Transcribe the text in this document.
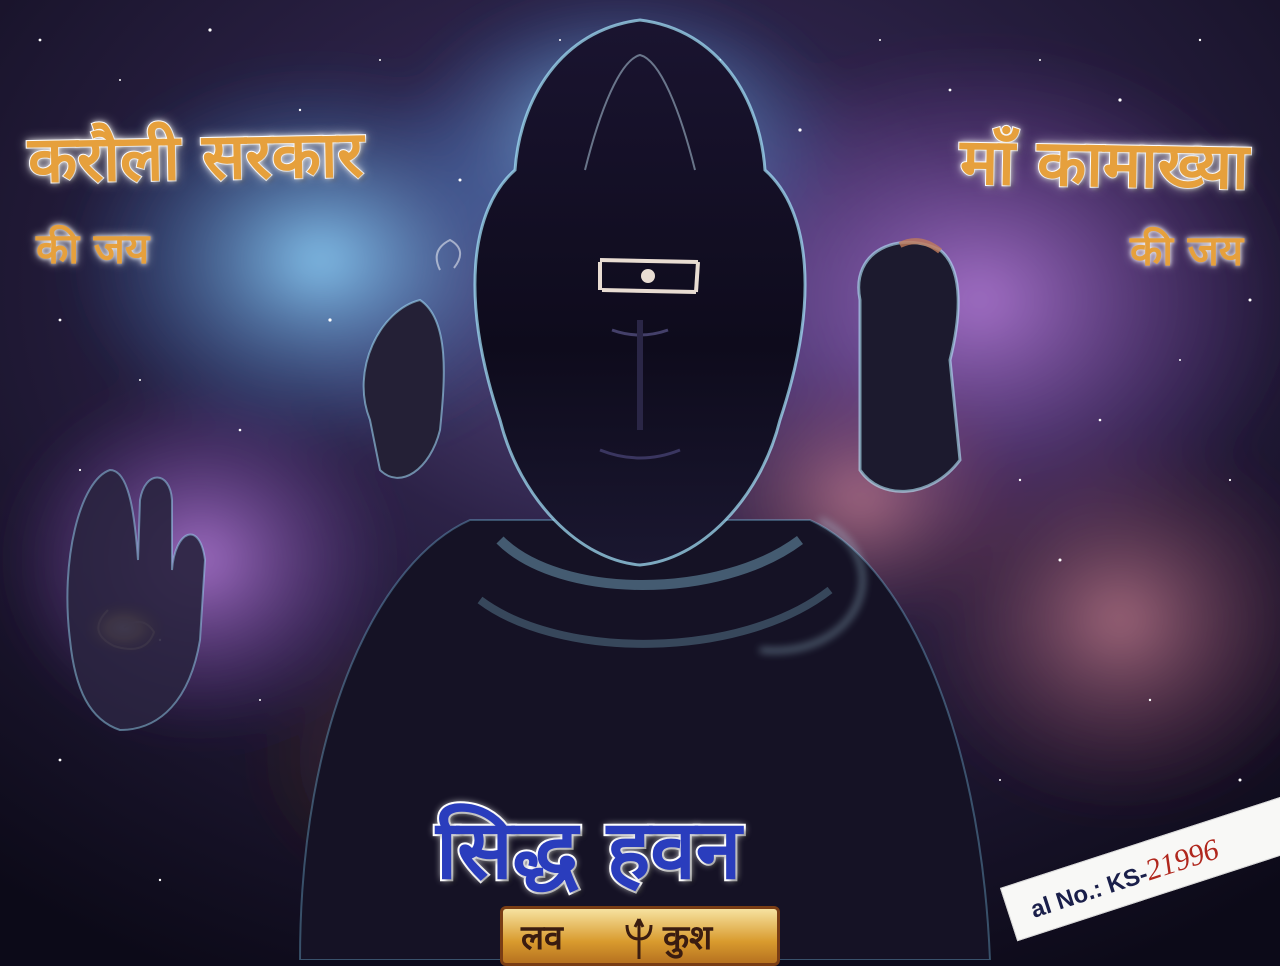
करौली सरकार

की जय

माँ कामाख्या

की जय

सिद्ध हवन
लव	कुश

al No.: KS-21996
